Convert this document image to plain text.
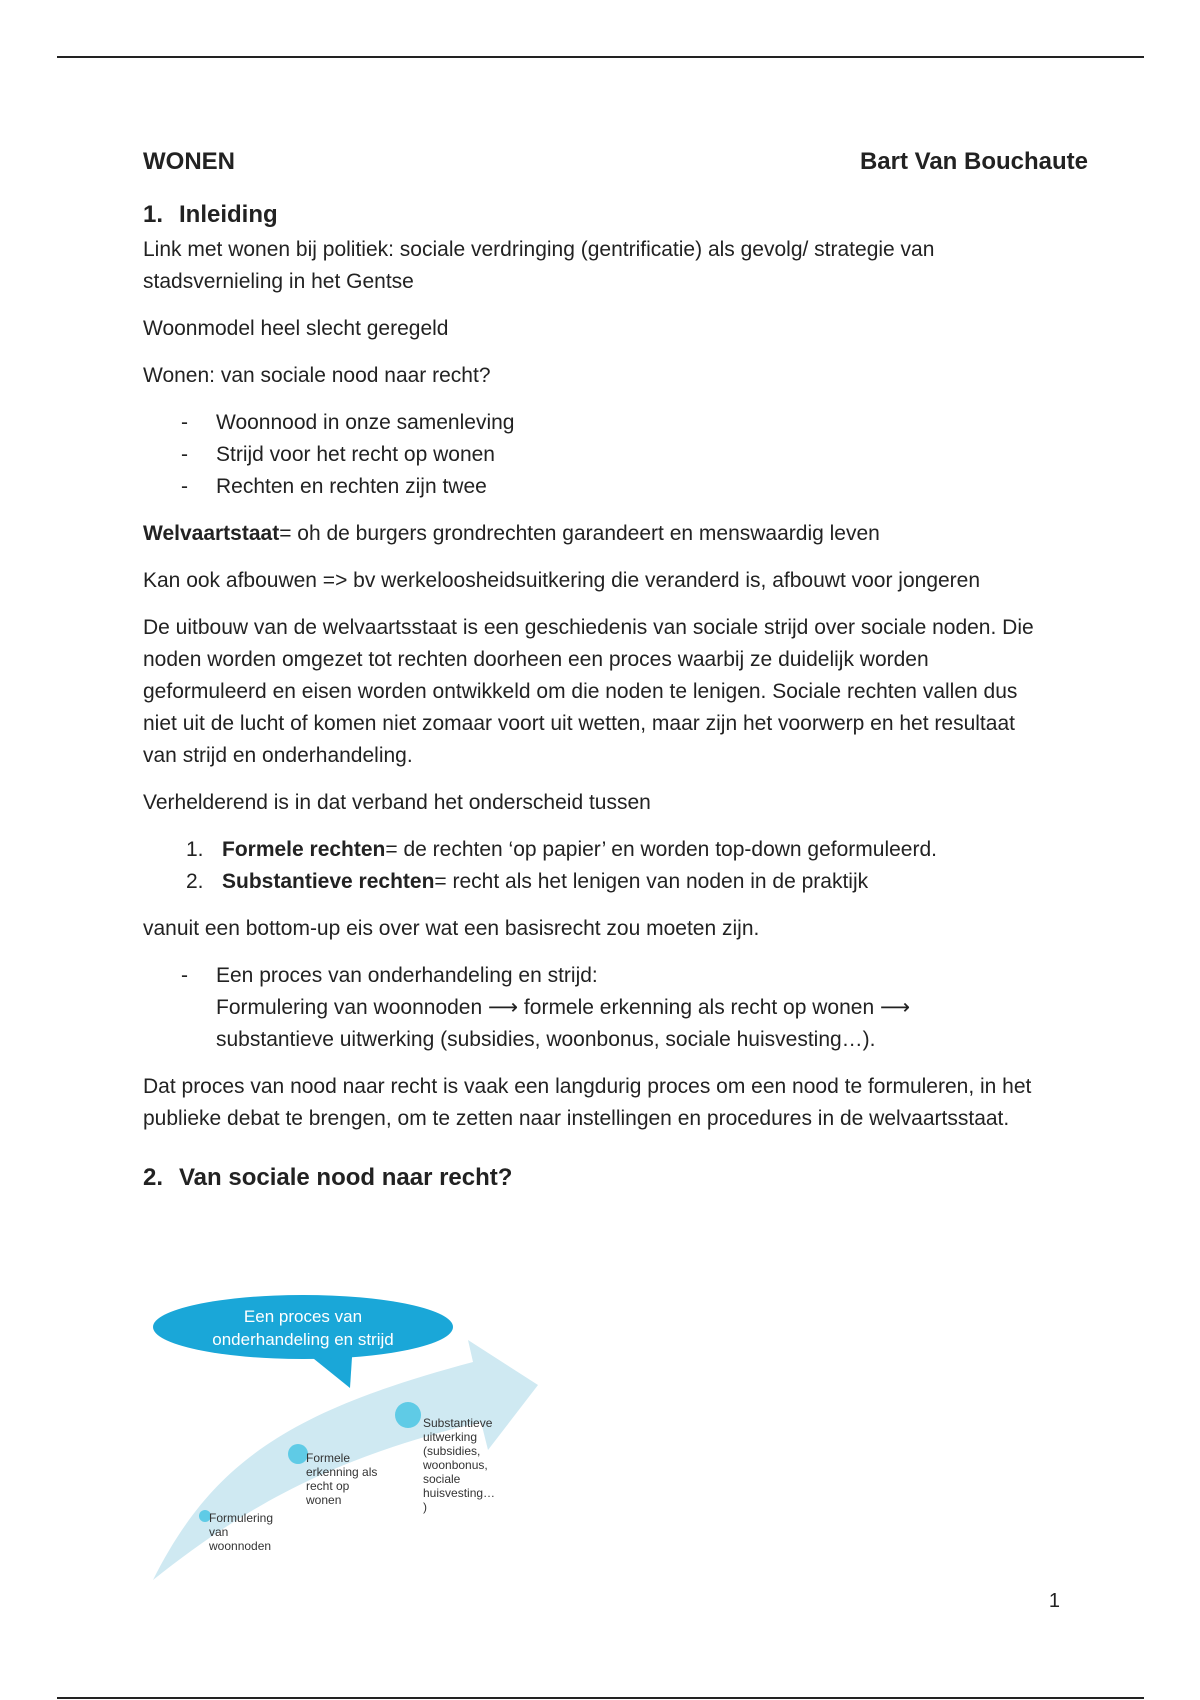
WONEN	Bart Van Bouchaute
1. Inleiding

Link met wonen bij politiek: sociale verdringing (gentrificatie) als gevolg/ strategie van stadsvernieling in het Gentse

Woonmodel heel slecht geregeld

Wonen: van sociale nood naar recht?

- Woonnood in onze samenleving
- Strijd voor het recht op wonen
- Rechten en rechten zijn twee

Welvaartstaat= oh de burgers grondrechten garandeert en menswaardig leven

Kan ook afbouwen => bv werkeloosheidsuitkering die veranderd is, afbouwt voor jongeren

De uitbouw van de welvaartsstaat is een geschiedenis van sociale strijd over sociale noden. Die noden worden omgezet tot rechten doorheen een proces waarbij ze duidelijk worden geformuleerd en eisen worden ontwikkeld om die noden te lenigen. Sociale rechten vallen dus niet uit de lucht of komen niet zomaar voort uit wetten, maar zijn het voorwerp en het resultaat van strijd en onderhandeling.

Verhelderend is in dat verband het onderscheid tussen

1. Formele rechten= de rechten ‘op papier’ en worden top-down geformuleerd.
2. Substantieve rechten= recht als het lenigen van noden in de praktijk

vanuit een bottom-up eis over wat een basisrecht zou moeten zijn.

- Een proces van onderhandeling en strijd:
Formulering van woonnoden ⟶ formele erkenning als recht op wonen ⟶
substantieve uitwerking (subsidies, woonbonus, sociale huisvesting…).

Dat proces van nood naar recht is vaak een langdurig proces om een nood te formuleren, in het publieke debat te brengen, om te zetten naar instellingen en procedures in de welvaartsstaat.

2. Van sociale nood naar recht?
Een proces van
onderhandeling en strijd
Formulering
van
woonnoden
Formele
erkenning als
recht op
wonen
Substantieve
uitwerking
(subsidies,
woonbonus,
sociale
huisvesting…
)
1
